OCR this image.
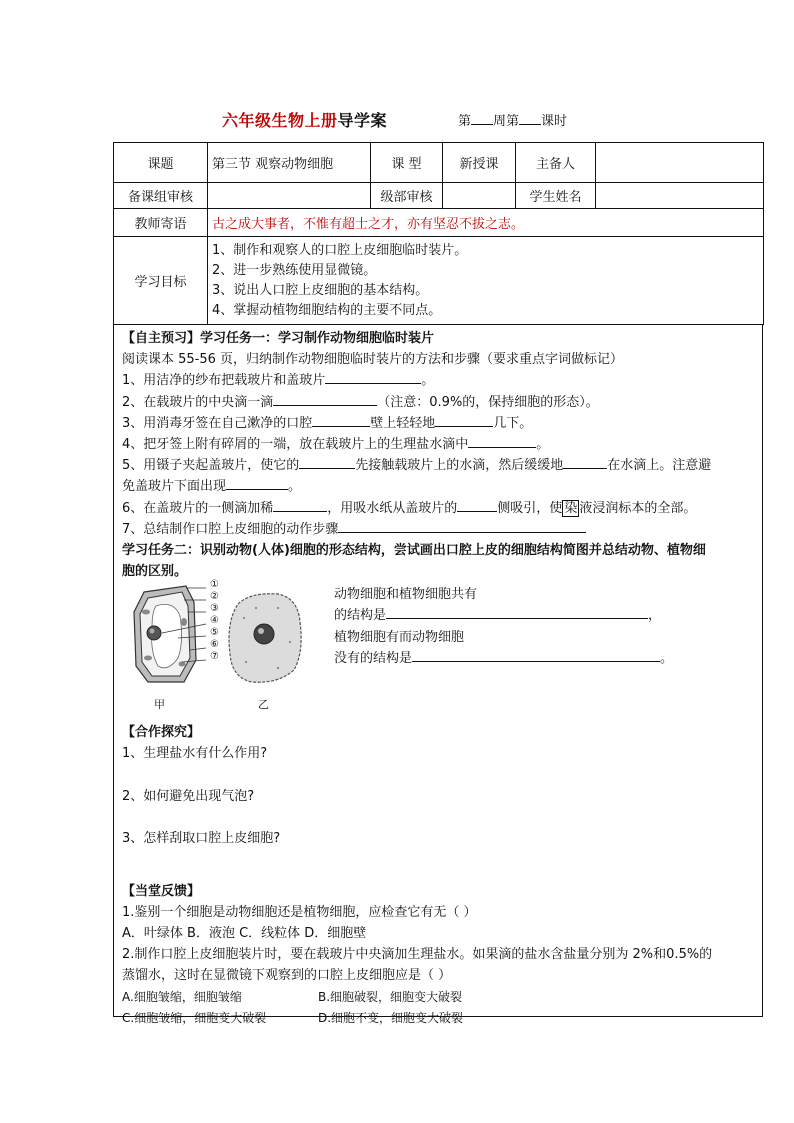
六年级生物上册导学案	第 周第 课时
课题	第三节 观察动物细胞	课 型	新授课	主备人	
备课组审核		级部审核		学生姓名	
教师寄语	古之成大事者，不惟有超士之才，亦有坚忍不拔之志。				
学习目标	1、制作和观察人的口腔上皮细胞临时装片。
2、进一步熟练使用显微镜。
3、说出人口腔上皮细胞的基本结构。
4、掌握动植物细胞结构的主要不同点。				
【自主预习】学习任务一：学习制作动物细胞临时装片
阅读课本 55-56 页，归纳制作动物细胞临时装片的方法和步骤（要求重点字词做标记）
1、用洁净的纱布把载玻片和盖玻片	。
2、在载玻片的中央滴一滴	（注意：0.9%的，保持细胞的形态）。
3、用消毒牙签在自己漱净的口腔	壁上轻轻地	几下。
4、把牙签上附有碎屑的一端，放在载玻片上的生理盐水滴中	。
5、用镊子夹起盖玻片，使它的	先接触载玻片上的水滴，然后缓缓地	在水滴上。注意避
免盖玻片下面出现	。
6、在盖玻片的一侧滴加稀	，用吸水纸从盖玻片的	侧吸引，使 染 液浸润标本的全部。
7、总结制作口腔上皮细胞的动作步骤
学习任务二：识别动物(人体)细胞的形态结构，尝试画出口腔上皮的细胞结构简图并总结动物、植物细
胞的区别。
①
②
③
④
⑤
⑥
⑦
甲	乙
动物细胞和植物细胞共有
的结构是	，
植物细胞有而动物细胞
没有的结构是	。
【合作探究】
1、生理盐水有什么作用?
2、如何避免出现气泡?
3、怎样刮取口腔上皮细胞?
【当堂反馈】
1.鉴别一个细胞是动物细胞还是植物细胞，应检查它有无（ ）
A．叶绿体 B．液泡 C．线粒体 D．细胞壁
2.制作口腔上皮细胞装片时，要在载玻片中央滴加生理盐水。如果滴的盐水含盐量分别为 2%和0.5%的
蒸馏水，这时在显微镜下观察到的口腔上皮细胞应是（ ）
A.细胞皱缩，细胞皱缩	B.细胞破裂，细胞变大破裂
C.细胞皱缩，细胞变大破裂	D.细胞不变，细胞变大破裂
